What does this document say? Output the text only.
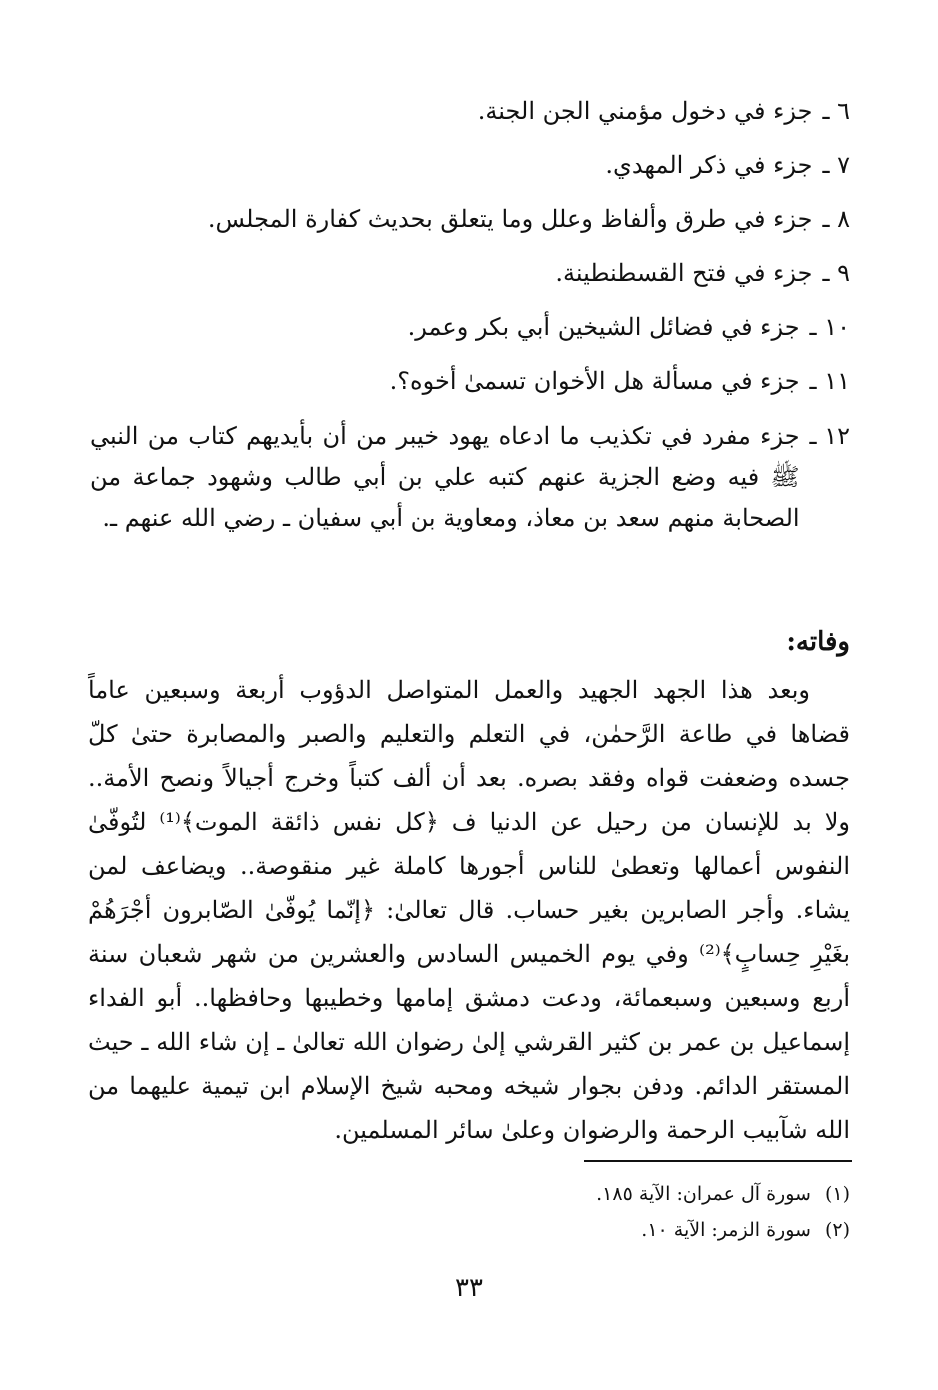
٦ ـ
جزء في دخول مؤمني الجن الجنة.
٧ ـ
جزء في ذكر المهدي.
٨ ـ
جزء في طرق وألفاظ وعلل وما يتعلق بحديث كفارة المجلس.
٩ ـ
جزء في فتح القسطنطينة.
١٠ ـ
جزء في فضائل الشيخين أبي بكر وعمر.
١١ ـ
جزء في مسألة هل الأخوان تسمىٰ أخوه؟.
١٢ ـ
جزء مفرد في تكذيب ما ادعاه يهود خيبر من أن بأيديهم كتاب من النبي ﷺ فيه وضع الجزية عنهم كتبه علي بن أبي طالب وشهود جماعة من الصحابة منهم سعد بن معاذ، ومعاوية بن أبي سفيان ـ رضي الله عنهم ـ.
وفاته:

وبعد هذا الجهد الجهيد والعمل المتواصل الدؤوب أربعة وسبعين عاماً قضاها في طاعة الرَّحمٰن، في التعلم والتعليم والصبر والمصابرة حتىٰ كلّ جسده وضعفت قواه وفقد بصره. بعد أن ألف كتباً وخرج أجيالاً ونصح الأمة.. ولا بد للإنسان من رحيل عن الدنيا ف ﴿كل نفس ذائقة الموت﴾⁽¹⁾ لتُوفّىٰ النفوس أعمالها وتعطىٰ للناس أجورها كاملة غير منقوصة.. ويضاعف لمن يشاء. وأجر الصابرين بغير حساب. قال تعالىٰ: ﴿إنّما يُوفّىٰ الصّابرون أجْرَهُمْ بغَيْرِ حِسابٍ﴾⁽²⁾ وفي يوم الخميس السادس والعشرين من شهر شعبان سنة أربع وسبعين وسبعمائة، ودعت دمشق إمامها وخطيبها وحافظها.. أبو الفداء إسماعيل بن عمر بن كثير القرشي إلىٰ رضوان الله تعالىٰ ـ إن شاء الله ـ حيث المستقر الدائم. ودفن بجوار شيخه ومحبه شيخ الإسلام ابن تيمية عليهما من الله شآبيب الرحمة والرضوان وعلىٰ سائر المسلمين.

(١)سورة آل عمران: الآية ١٨٥.
(٢)سورة الزمر: الآية ١٠.
٣٣
